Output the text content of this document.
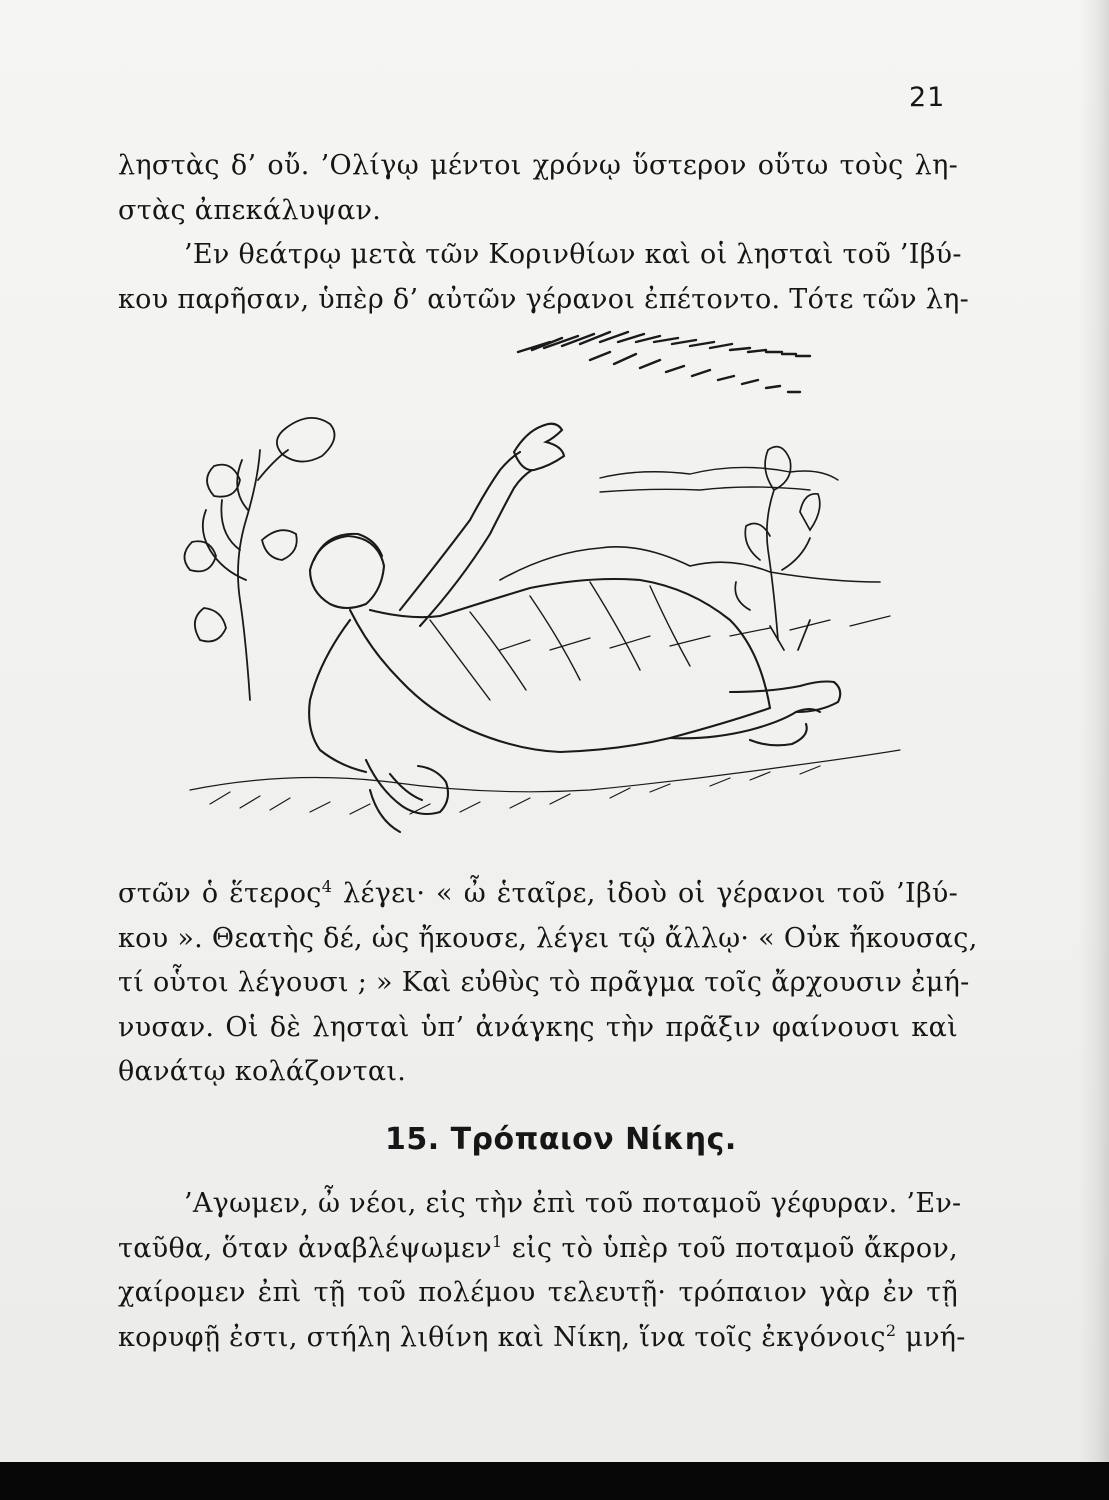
21
ληστὰς δ’ οὔ. ’Ολίγῳ μέντοι χρόνῳ ὕστερον οὕτω τοὺς λη-
στὰς ἀπεκάλυψαν.
’Εν θεάτρῳ μετὰ τῶν Κορινθίων καὶ οἱ λησταὶ τοῦ ’Ιβύ-
κου παρῆσαν, ὑπὲρ δ’ αὐτῶν γέρανοι ἐπέτοντο. Τότε τῶν λη-
στῶν ὁ ἕτερος$^4$ λέγει· « ὦ ἑταῖρε, ἰδοὺ οἱ γέρανοι τοῦ ’Ιβύ-
κου ». Θεατὴς δέ, ὡς ἤκουσε, λέγει τῷ ἄλλῳ· « Οὐκ ἤκουσας,
τί οὗτοι λέγουσι ; » Καὶ εὐθὺς τὸ πρᾶγμα τοῖς ἄρχουσιν ἐμή-
νυσαν. Οἱ δὲ λησταὶ ὑπ’ ἀνάγκης τὴν πρᾶξιν φαίνουσι καὶ
θανάτῳ κολάζονται.
15. Τρόπαιον Νίκης.
’Αγωμεν, ὦ νέοι, εἰς τὴν ἐπὶ τοῦ ποταμοῦ γέφυραν. ’Εν-
ταῦθα, ὅταν ἀναβλέψωμεν$^1$ εἰς τὸ ὑπὲρ τοῦ ποταμοῦ ἄκρον,
χαίρομεν ἐπὶ τῇ τοῦ πολέμου τελευτῇ· τρόπαιον γὰρ ἐν τῇ
κορυφῇ ἐστι, στήλη λιθίνη καὶ Νίκη, ἵνα τοῖς ἐκγόνοις$^2$ μνή-
